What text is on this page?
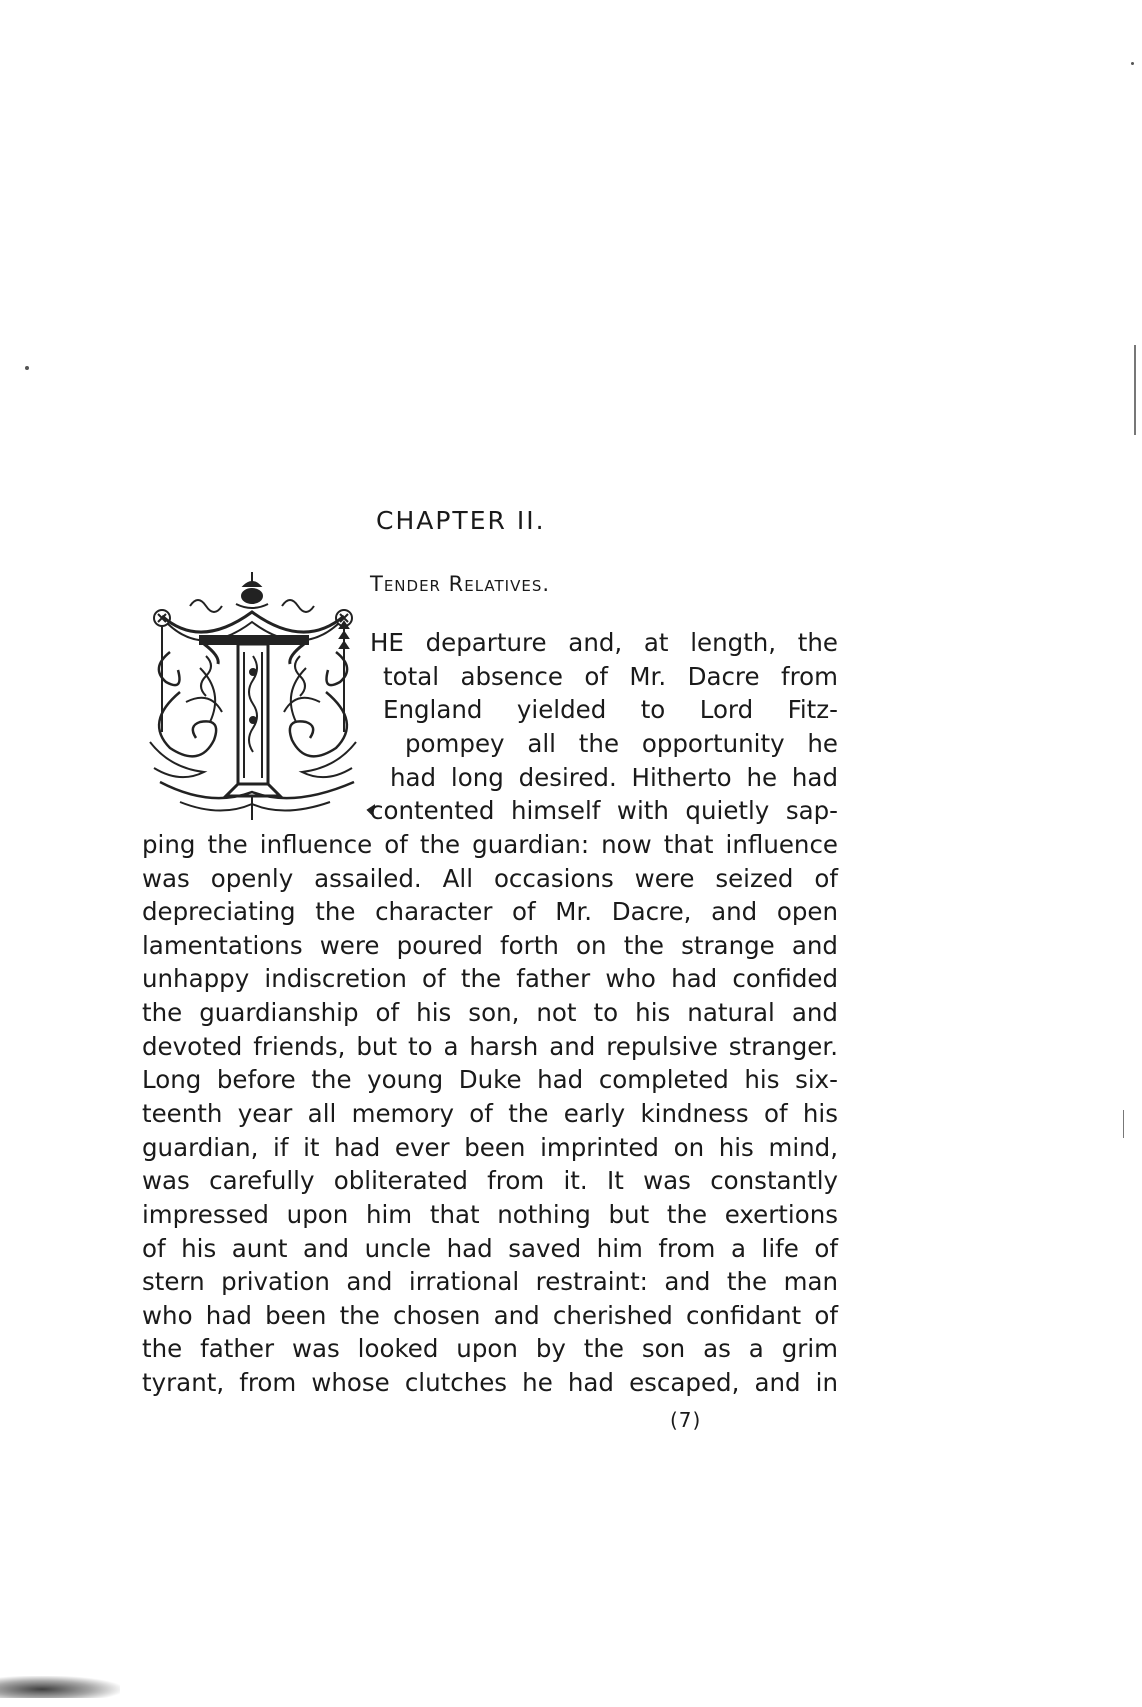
CHAPTER II.
Tender Relatives.
HE departure and, at length, the
total absence of Mr. Dacre from
England yielded to Lord Fitz-
pompey all the opportunity he
had long desired. Hitherto he had
contented himself with quietly sap-
ping the influence of the guardian: now that influence
was openly assailed. All occasions were seized of
depreciating the character of Mr. Dacre, and open
lamentations were poured forth on the strange and
unhappy indiscretion of the father who had confided
the guardianship of his son, not to his natural and
devoted friends, but to a harsh and repulsive stranger.
Long before the young Duke had completed his six-
teenth year all memory of the early kindness of his
guardian, if it had ever been imprinted on his mind,
was carefully obliterated from it. It was constantly
impressed upon him that nothing but the exertions
of his aunt and uncle had saved him from a life of
stern privation and irrational restraint: and the man
who had been the chosen and cherished confidant of
the father was looked upon by the son as a grim
tyrant, from whose clutches he had escaped, and in
(7)
